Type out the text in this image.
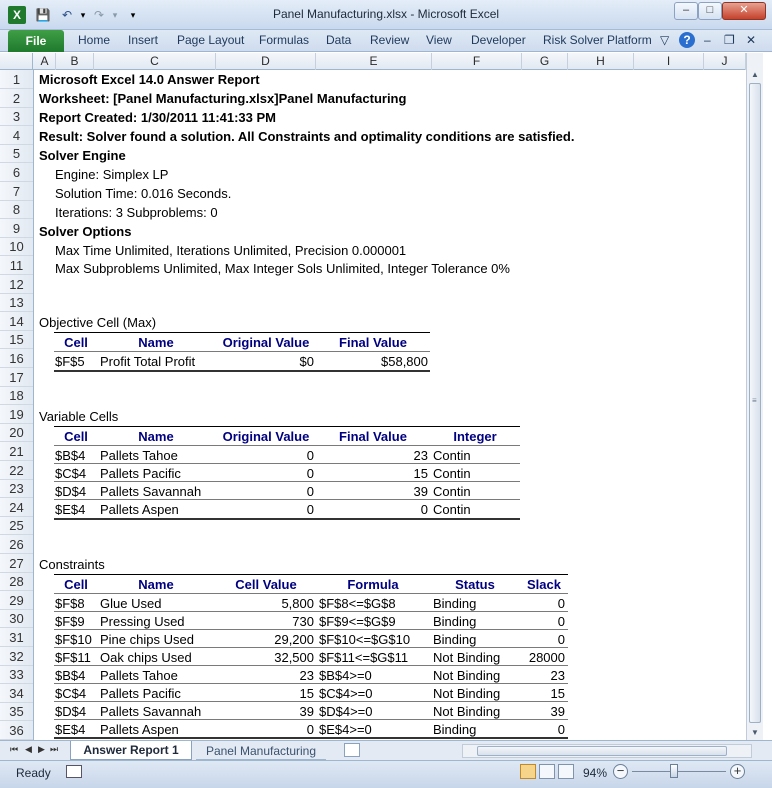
X	💾 ↶ ▾ ↷ ▾	▾	Panel Manufacturing.xlsx - Microsoft Excel	–	□	✕
File	Home Insert Page Layout Formulas Data Review View Developer Risk Solver Platform ▽	?	– ❐ ✕
A	B	C	D	E	F	G	H	I	J
1
2
3
4
5
6
7
8
9
10
11
12
13
14
15
16
17
18
19
20
21
22
23
24
25
26
27
28
29
30
31
32
33
34
35
36
Microsoft Excel 14.0 Answer Report
Worksheet: [Panel Manufacturing.xlsx]Panel Manufacturing
Report Created: 1/30/2011 11:41:33 PM
Result: Solver found a solution. All Constraints and optimality conditions are satisfied.
Solver Engine
Engine: Simplex LP
Solution Time: 0.016 Seconds.
Iterations: 3 Subproblems: 0
Solver Options
Max Time Unlimited, Iterations Unlimited, Precision 0.000001
Max Subproblems Unlimited, Max Integer Sols Unlimited, Integer Tolerance 0%
Objective Cell (Max)
Cell	Name	Original Value	Final Value
$F$5 Profit Total Profit	$0	$58,800
Variable Cells
Cell	Name	Original Value	Final Value	Integer
$B$4 Pallets Tahoe	0	23 Contin
$C$4 Pallets Pacific	0	15 Contin
$D$4 Pallets Savannah	0	39 Contin
$E$4 Pallets Aspen	0	0 Contin
Constraints
Cell	Name	Cell Value	Formula	Status	Slack
$F$8 Glue Used	5,800 $F$8<=$G$8	Binding	0
$F$9 Pressing Used	730 $F$9<=$G$9	Binding	0
$F$10 Pine chips Used	29,200 $F$10<=$G$10 Binding	0
$F$11 Oak chips Used	32,500 $F$11<=$G$11 Not Binding	28000
$B$4 Pallets Tahoe	23 $B$4>=0	Not Binding	23
$C$4 Pallets Pacific	15 $C$4>=0	Not Binding	15
$D$4 Pallets Savannah	39 $D$4>=0	Not Binding	39
$E$4 Pallets Aspen	0 $E$4>=0	Binding	0
▲
≡
▼
⏮ ◀ ▶ ⏭	Answer Report 1	Panel Manufacturing
Ready	94% −	+
